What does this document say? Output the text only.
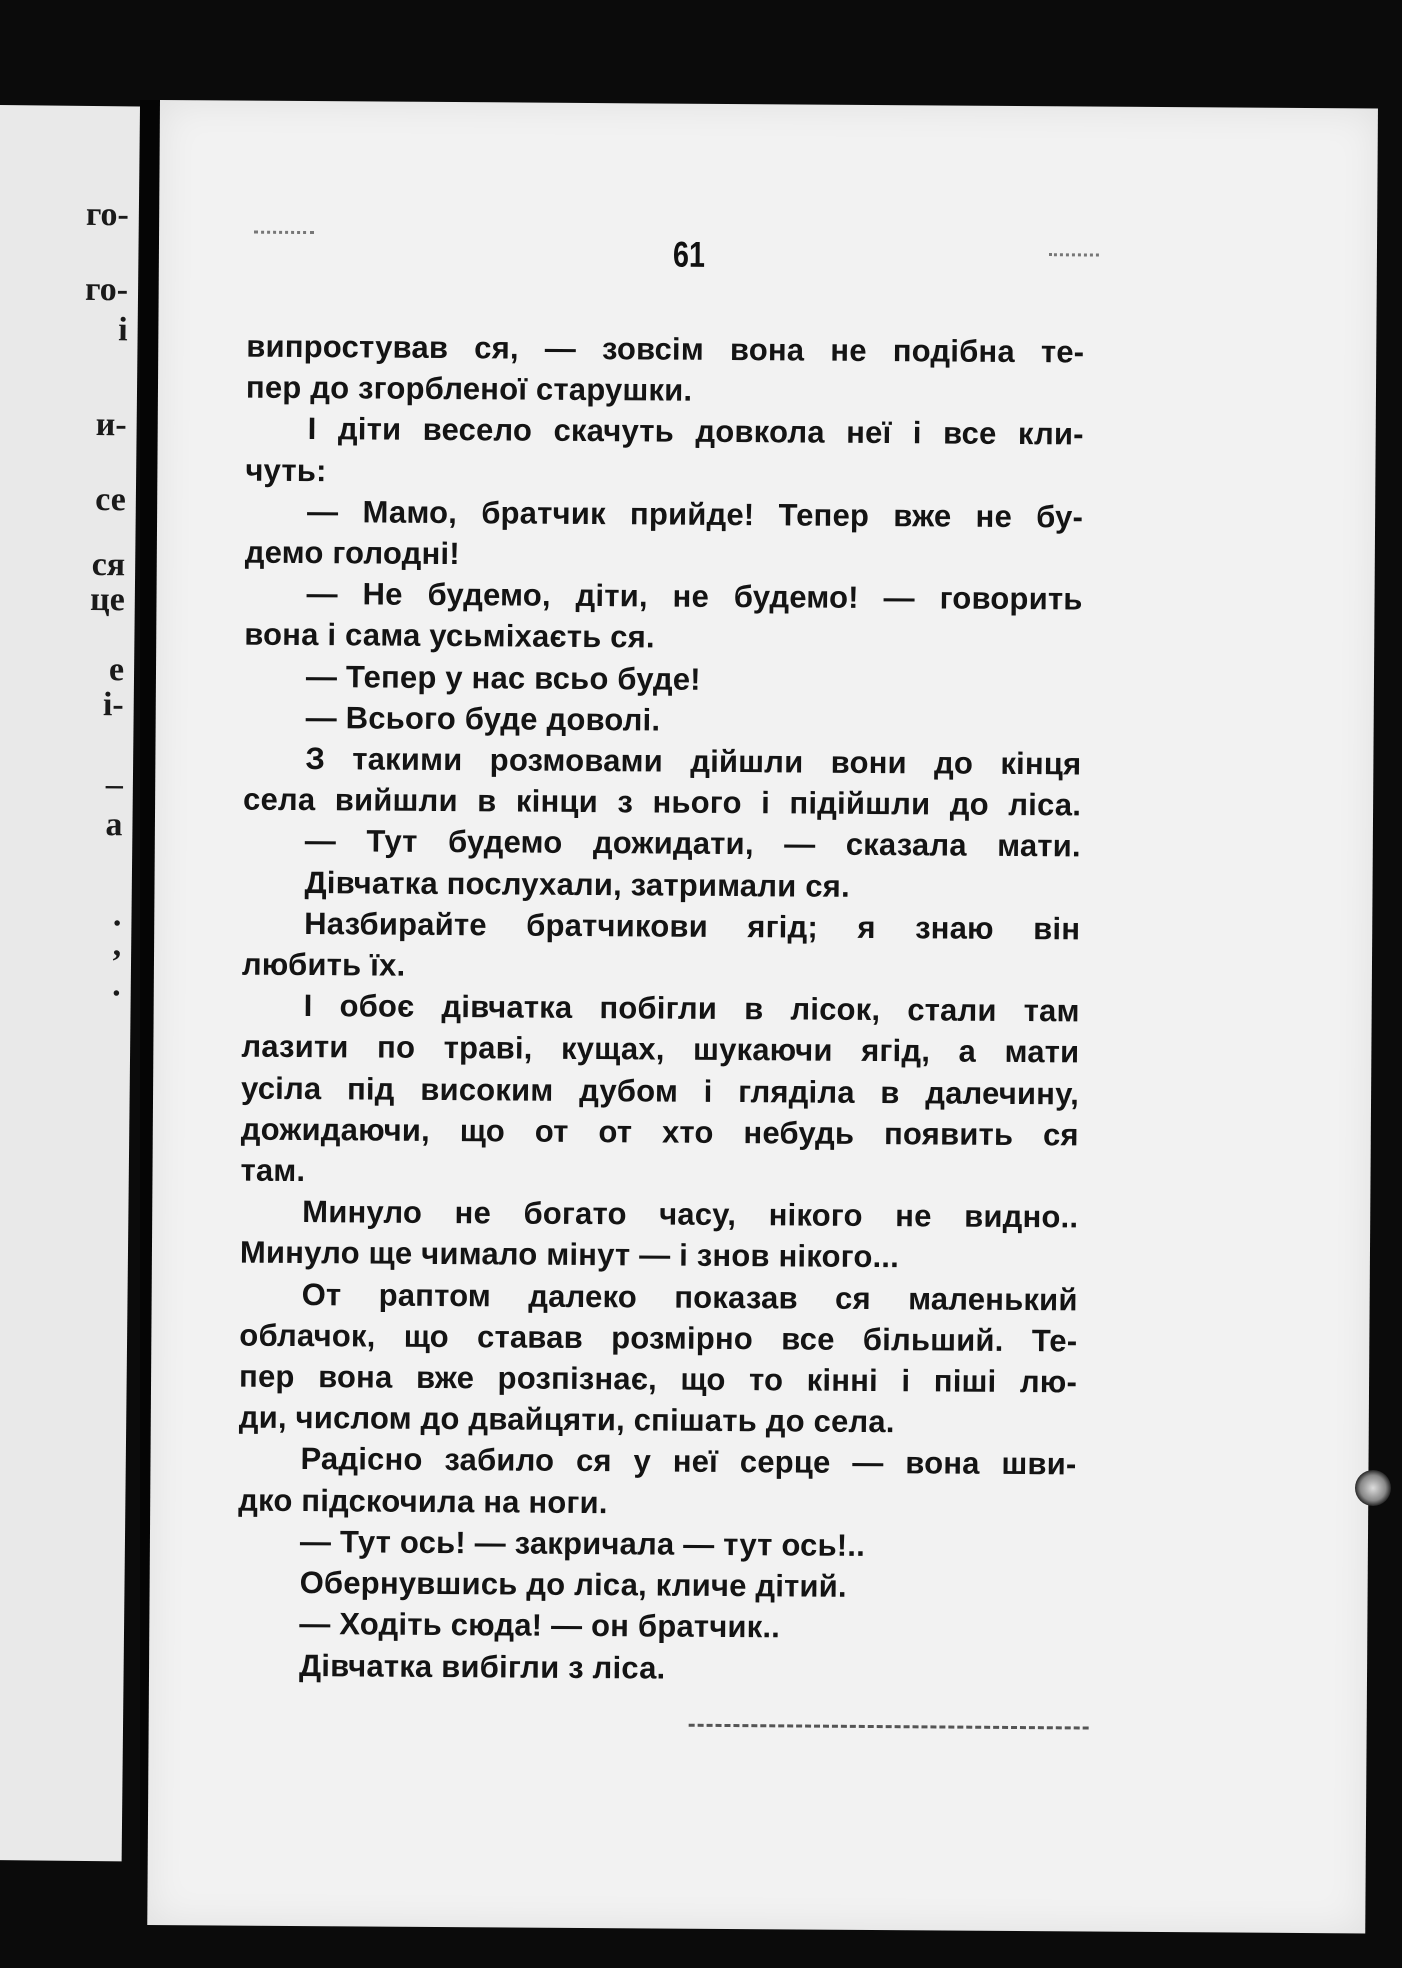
го-
го-
і
и-
се
ся
це
е
і-
–
а
.
,
.
61
випростував ся, — зовсім вона не подібна те-
пер до згорбленої старушки.
І діти весело скачуть довкола неї і все кли-
чуть:
— Мамо, братчик прийде! Тепер вже не бу-
демо голодні!
— Не будемо, діти, не будемо! — говорить
вона і сама усьміхаєть ся.
— Тепер у нас всьо буде!
— Всього буде доволі.
З такими розмовами дійшли вони до кінця
села вийшли в кінци з нього і підійшли до ліса.
— Тут будемо дожидати, — сказала мати.
Дівчатка послухали, затримали ся.
Назбирайте братчикови ягід; я знаю він
любить їх.
І обоє дівчатка побігли в лісок, стали там
лазити по траві, кущах, шукаючи ягід, а мати
усіла під високим дубом і гляділа в далечину,
дожидаючи, що от от хто небудь появить ся
там.
Минуло не богато часу, нікого не видно..
Минуло ще чимало мінут — і знов нікого...
От раптом далеко показав ся маленький
облачок, що ставав розмірно все більший. Те-
пер вона вже розпізнає, що то кінні і піші лю-
ди, числом до двайцяти, спішать до села.
Радісно забило ся у неї серце — вона шви-
дко підскочила на ноги.
— Тут ось! — закричала — тут ось!..
Обернувшись до ліса, кличе дітий.
— Ходіть сюда! — он братчик..
Дівчатка вибігли з ліса.
